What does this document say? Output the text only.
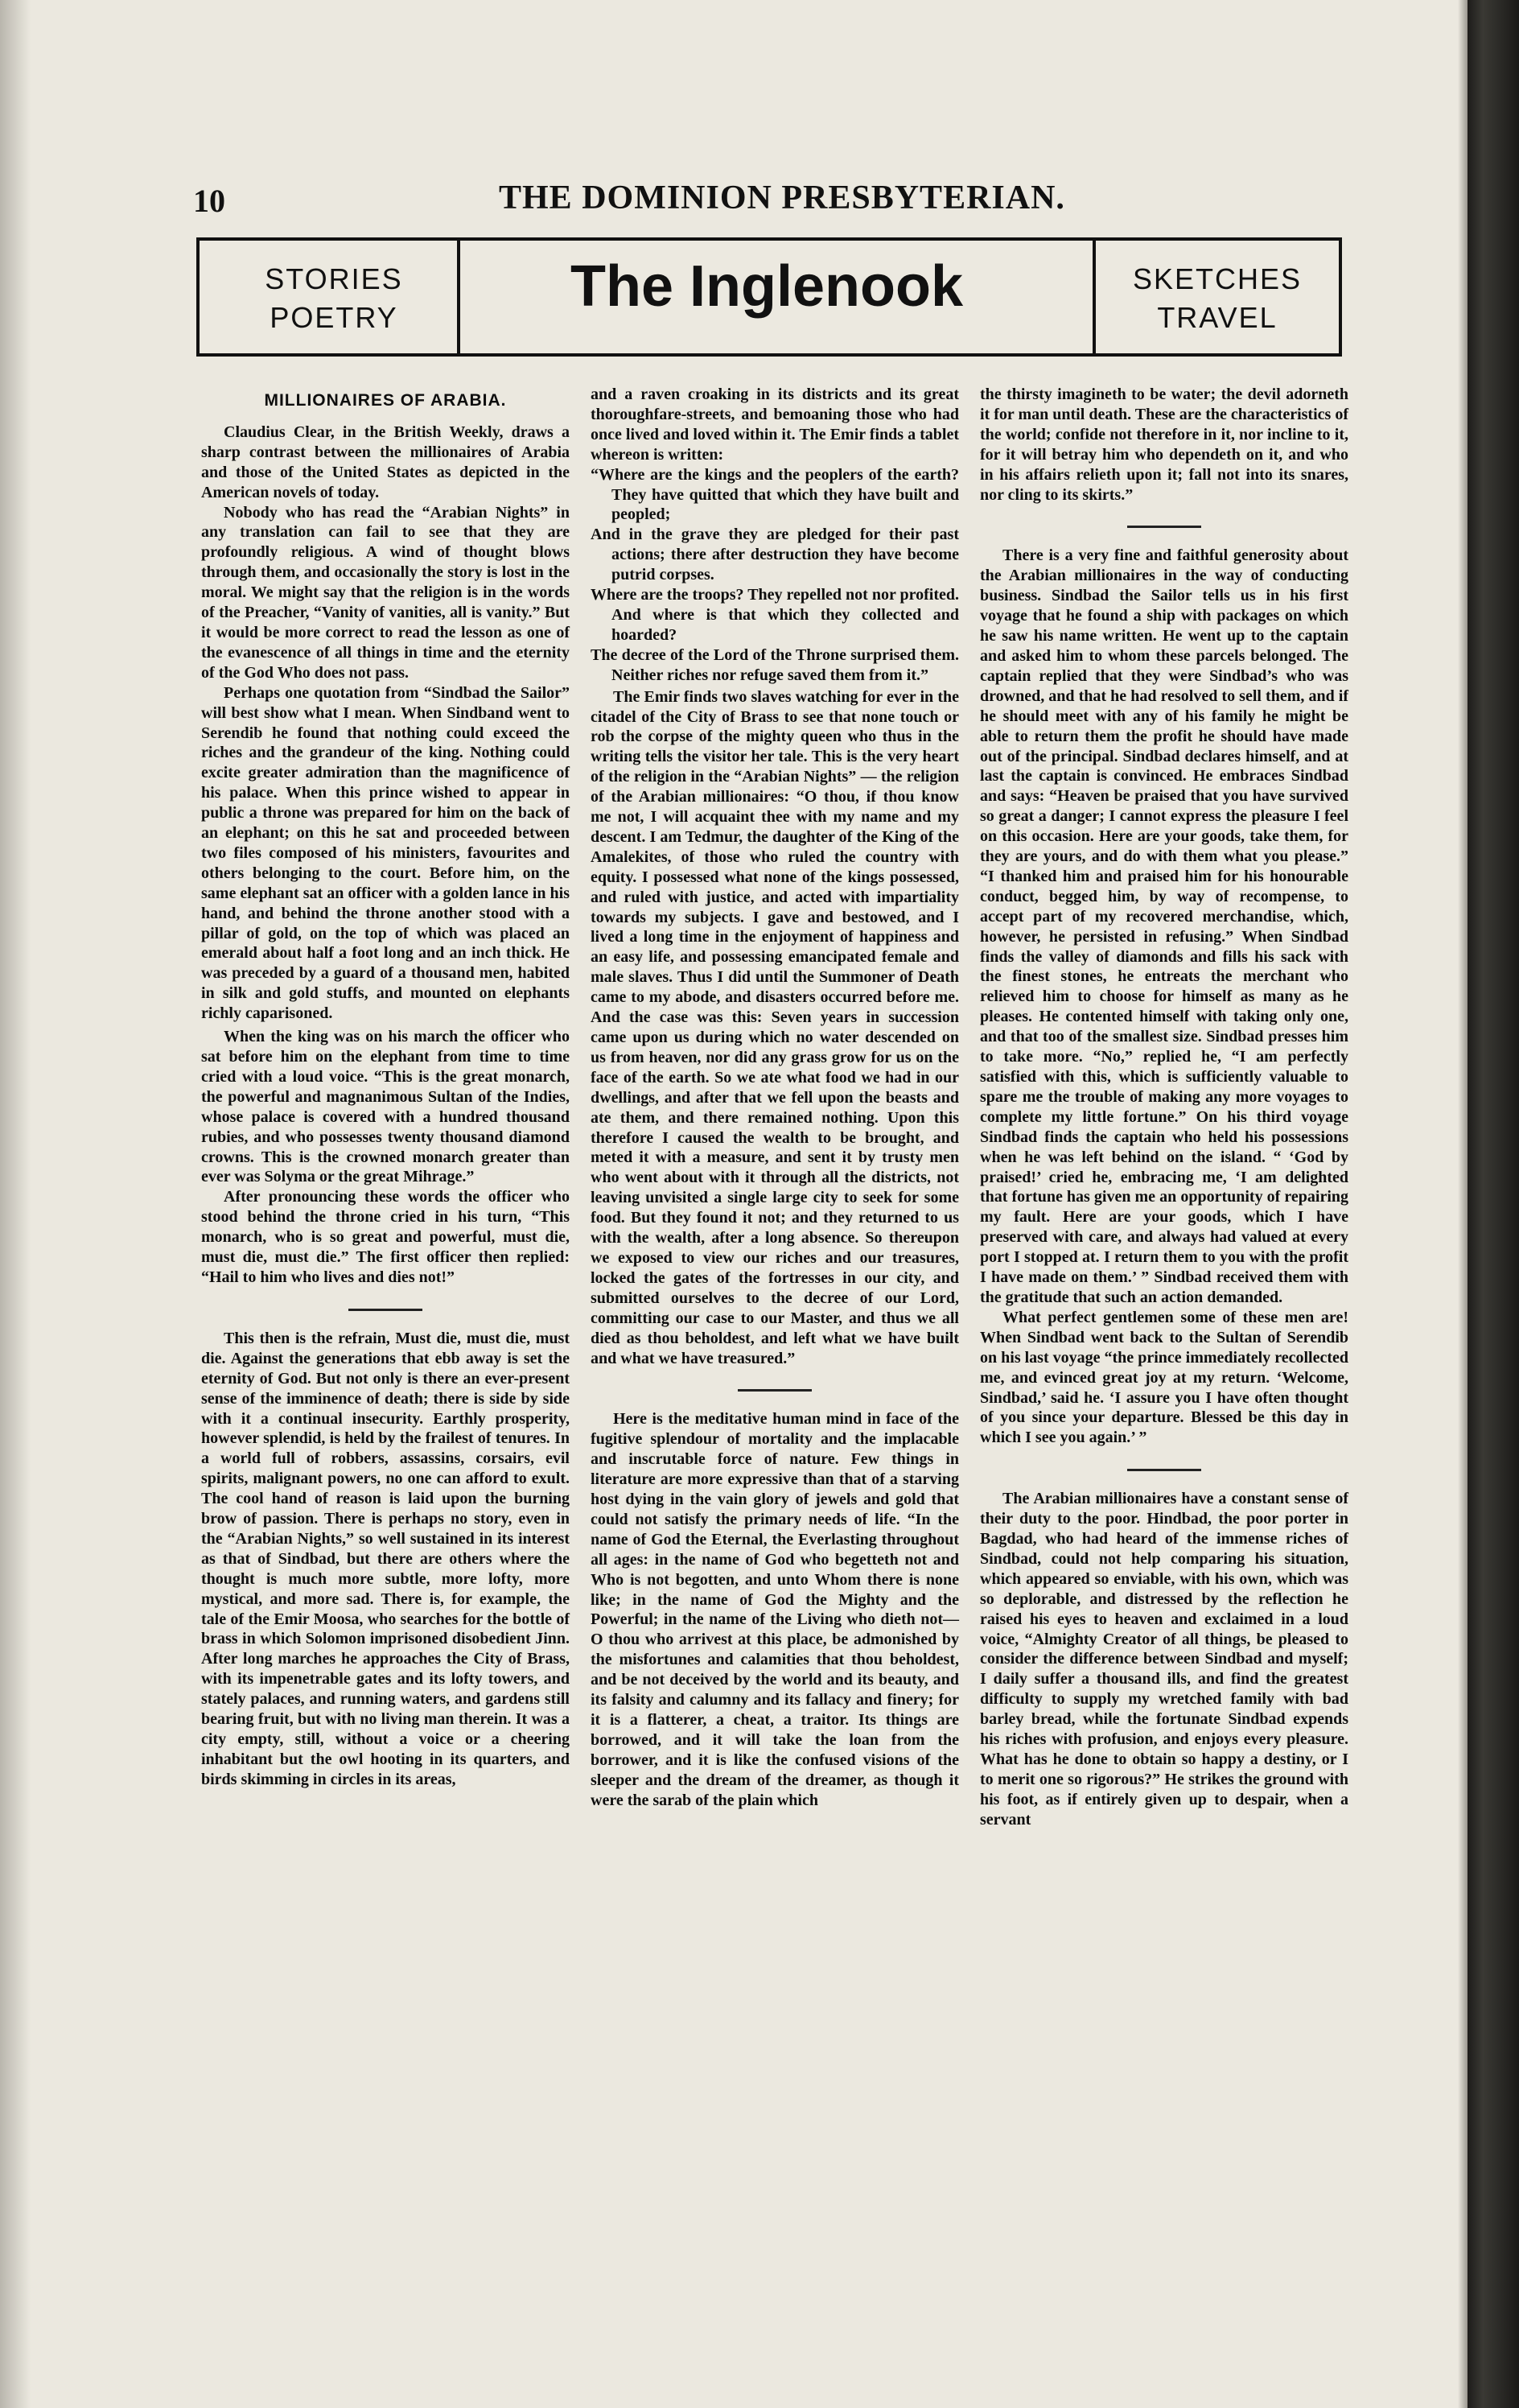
10	THE DOMINION PRESBYTERIAN.
STORIES
POETRY	The Inglenook	SKETCHES
TRAVEL
MILLIONAIRES OF ARABIA.

Claudius Clear, in the British Weekly, draws a sharp contrast between the millionaires of Arabia and those of the United States as depicted in the American novels of today.

Nobody who has read the “Arabian Nights” in any translation can fail to see that they are profoundly religious. A wind of thought blows through them, and occasionally the story is lost in the moral. We might say that the religion is in the words of the Preacher, “Vanity of vanities, all is vanity.” But it would be more correct to read the lesson as one of the evanescence of all things in time and the eternity of the God Who does not pass.

Perhaps one quotation from “Sindbad the Sailor” will best show what I mean. When Sindband went to Serendib he found that nothing could exceed the riches and the grandeur of the king. Nothing could excite greater admiration than the magnificence of his palace. When this prince wished to appear in public a throne was prepared for him on the back of an elephant; on this he sat and proceeded between two files composed of his ministers, favourites and others belonging to the court. Before him, on the same elephant sat an officer with a golden lance in his hand, and behind the throne another stood with a pillar of gold, on the top of which was placed an emerald about half a foot long and an inch thick. He was preceded by a guard of a thousand men, habited in silk and gold stuffs, and mounted on elephants richly caparisoned.

When the king was on his march the officer who sat before him on the elephant from time to time cried with a loud voice. “This is the great monarch, the powerful and magnanimous Sultan of the Indies, whose palace is covered with a hundred thousand rubies, and who possesses twenty thousand diamond crowns. This is the crowned monarch greater than ever was Solyma or the great Mihrage.”

After pronouncing these words the officer who stood behind the throne cried in his turn, “This monarch, who is so great and powerful, must die, must die, must die.” The first officer then replied: “Hail to him who lives and dies not!”

This then is the refrain, Must die, must die, must die. Against the generations that ebb away is set the eternity of God. But not only is there an ever-present sense of the imminence of death; there is side by side with it a continual insecurity. Earthly prosperity, however splendid, is held by the frailest of tenures. In a world full of robbers, assassins, corsairs, evil spirits, malignant powers, no one can afford to exult. The cool hand of reason is laid upon the burning brow of passion. There is perhaps no story, even in the “Arabian Nights,” so well sustained in its interest as that of Sindbad, but there are others where the thought is much more subtle, more lofty, more mystical, and more sad. There is, for example, the tale of the Emir Moosa, who searches for the bottle of brass in which Solomon imprisoned disobedient Jinn. After long marches he approaches the City of Brass, with its impenetrable gates and its lofty towers, and stately palaces, and running waters, and gardens still bearing fruit, but with no living man therein. It was a city empty, still, without a voice or a cheering inhabitant but the owl hooting in its quarters, and birds skimming in circles in its areas,

and a raven croaking in its districts and its great thoroughfare-streets, and bemoaning those who had once lived and loved within it. The Emir finds a tablet whereon is written:

“Where are the kings and the peoplers of the earth? They have quitted that which they have built and peopled;

And in the grave they are pledged for their past actions; there after destruction they have become putrid corpses.

Where are the troops? They repelled not nor profited. And where is that which they collected and hoarded?

The decree of the Lord of the Throne surprised them. Neither riches nor refuge saved them from it.”

The Emir finds two slaves watching for ever in the citadel of the City of Brass to see that none touch or rob the corpse of the mighty queen who thus in the writing tells the visitor her tale. This is the very heart of the religion in the “Arabian Nights” — the religion of the Arabian millionaires: “O thou, if thou know me not, I will acquaint thee with my name and my descent. I am Tedmur, the daughter of the King of the Amalekites, of those who ruled the country with equity. I possessed what none of the kings possessed, and ruled with justice, and acted with impartiality towards my subjects. I gave and bestowed, and I lived a long time in the enjoyment of happiness and an easy life, and possessing emancipated female and male slaves. Thus I did until the Summoner of Death came to my abode, and disasters occurred before me. And the case was this: Seven years in succession came upon us during which no water descended on us from heaven, nor did any grass grow for us on the face of the earth. So we ate what food we had in our dwellings, and after that we fell upon the beasts and ate them, and there remained nothing. Upon this therefore I caused the wealth to be brought, and meted it with a measure, and sent it by trusty men who went about with it through all the districts, not leaving unvisited a single large city to seek for some food. But they found it not; and they returned to us with the wealth, after a long absence. So thereupon we exposed to view our riches and our treasures, locked the gates of the fortresses in our city, and submitted ourselves to the decree of our Lord, committing our case to our Master, and thus we all died as thou beholdest, and left what we have built and what we have treasured.”

Here is the meditative human mind in face of the fugitive splendour of mortality and the implacable and inscrutable force of nature. Few things in literature are more expressive than that of a starving host dying in the vain glory of jewels and gold that could not satisfy the primary needs of life. “In the name of God the Eternal, the Everlasting throughout all ages: in the name of God who begetteth not and Who is not begotten, and unto Whom there is none like; in the name of God the Mighty and the Powerful; in the name of the Living who dieth not—O thou who arrivest at this place, be admonished by the misfortunes and calamities that thou beholdest, and be not deceived by the world and its beauty, and its falsity and calumny and its fallacy and finery; for it is a flatterer, a cheat, a traitor. Its things are borrowed, and it will take the loan from the borrower, and it is like the confused visions of the sleeper and the dream of the dreamer, as though it were the sarab of the plain which

the thirsty imagineth to be water; the devil adorneth it for man until death. These are the characteristics of the world; confide not therefore in it, nor incline to it, for it will betray him who dependeth on it, and who in his affairs relieth upon it; fall not into its snares, nor cling to its skirts.”

There is a very fine and faithful generosity about the Arabian millionaires in the way of conducting business. Sindbad the Sailor tells us in his first voyage that he found a ship with packages on which he saw his name written. He went up to the captain and asked him to whom these parcels belonged. The captain replied that they were Sindbad’s who was drowned, and that he had resolved to sell them, and if he should meet with any of his family he might be able to return them the profit he should have made out of the principal. Sindbad declares himself, and at last the captain is convinced. He embraces Sindbad and says: “Heaven be praised that you have survived so great a danger; I cannot express the pleasure I feel on this occasion. Here are your goods, take them, for they are yours, and do with them what you please.” “I thanked him and praised him for his honourable conduct, begged him, by way of recompense, to accept part of my recovered merchandise, which, however, he persisted in refusing.” When Sindbad finds the valley of diamonds and fills his sack with the finest stones, he entreats the merchant who relieved him to choose for himself as many as he pleases. He contented himself with taking only one, and that too of the smallest size. Sindbad presses him to take more. “No,” replied he, “I am perfectly satisfied with this, which is sufficiently valuable to spare me the trouble of making any more voyages to complete my little fortune.” On his third voyage Sindbad finds the captain who held his possessions when he was left behind on the island. “ ‘God by praised!’ cried he, embracing me, ‘I am delighted that fortune has given me an opportunity of repairing my fault. Here are your goods, which I have preserved with care, and always had valued at every port I stopped at. I return them to you with the profit I have made on them.’ ” Sindbad received them with the gratitude that such an action demanded.

What perfect gentlemen some of these men are! When Sindbad went back to the Sultan of Serendib on his last voyage “the prince immediately recollected me, and evinced great joy at my return. ‘Welcome, Sindbad,’ said he. ‘I assure you I have often thought of you since your departure. Blessed be this day in which I see you again.’ ”

The Arabian millionaires have a constant sense of their duty to the poor. Hindbad, the poor porter in Bagdad, who had heard of the immense riches of Sindbad, could not help comparing his situation, which appeared so enviable, with his own, which was so deplorable, and distressed by the reflection he raised his eyes to heaven and exclaimed in a loud voice, “Almighty Creator of all things, be pleased to consider the difference between Sindbad and myself; I daily suffer a thousand ills, and find the greatest difficulty to supply my wretched family with bad barley bread, while the fortunate Sindbad expends his riches with profusion, and enjoys every pleasure. What has he done to obtain so happy a destiny, or I to merit one so rigorous?” He strikes the ground with his foot, as if entirely given up to despair, when a servant
